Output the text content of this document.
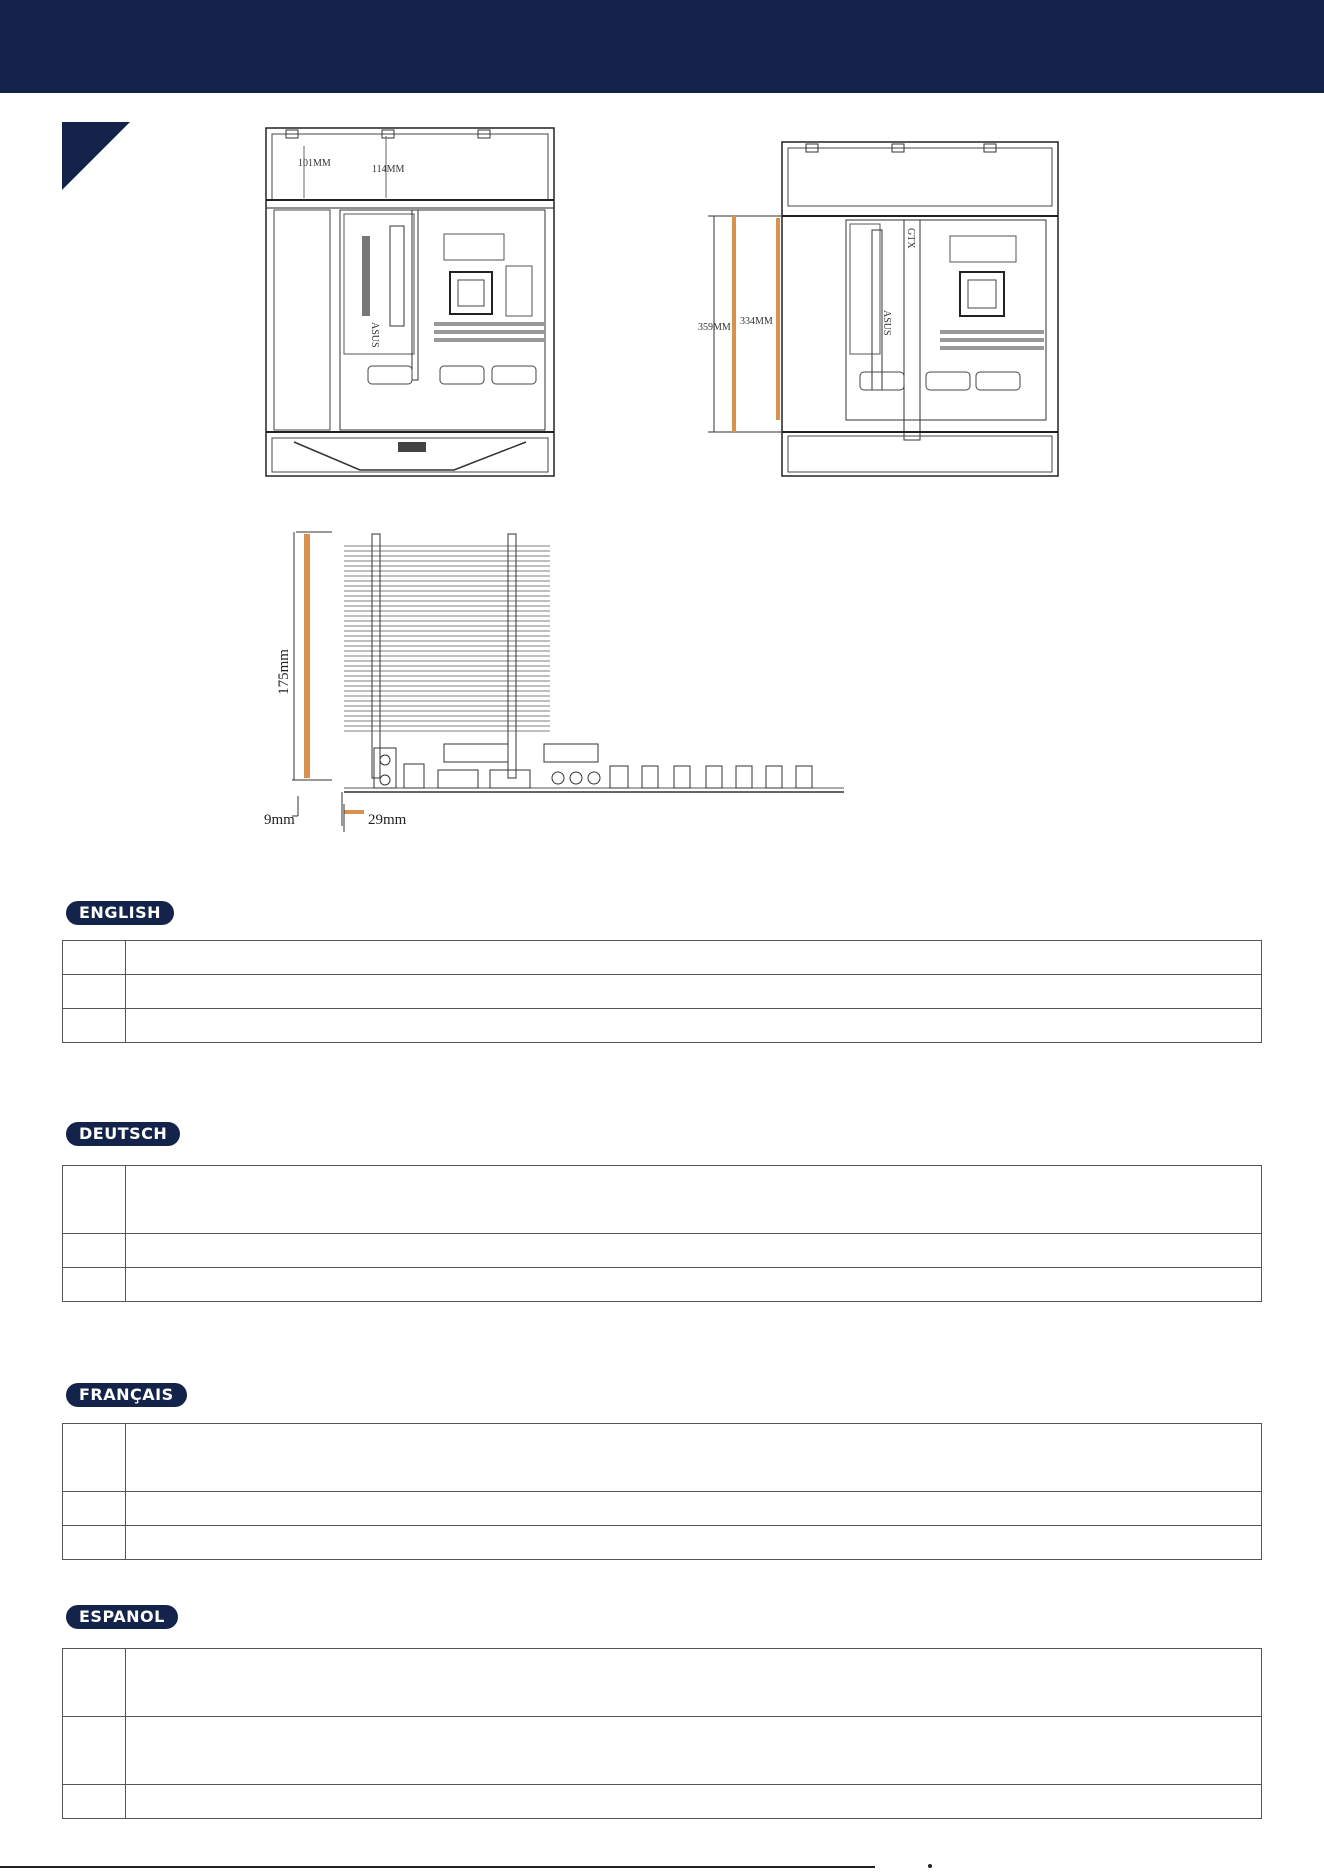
101MM
114MM
ASUS	359MM
334MM
GTX
ASUS
175mm
9mm	29mm
ENGLISH

DEUTSCH

FRANÇAIS

ESPANOL
